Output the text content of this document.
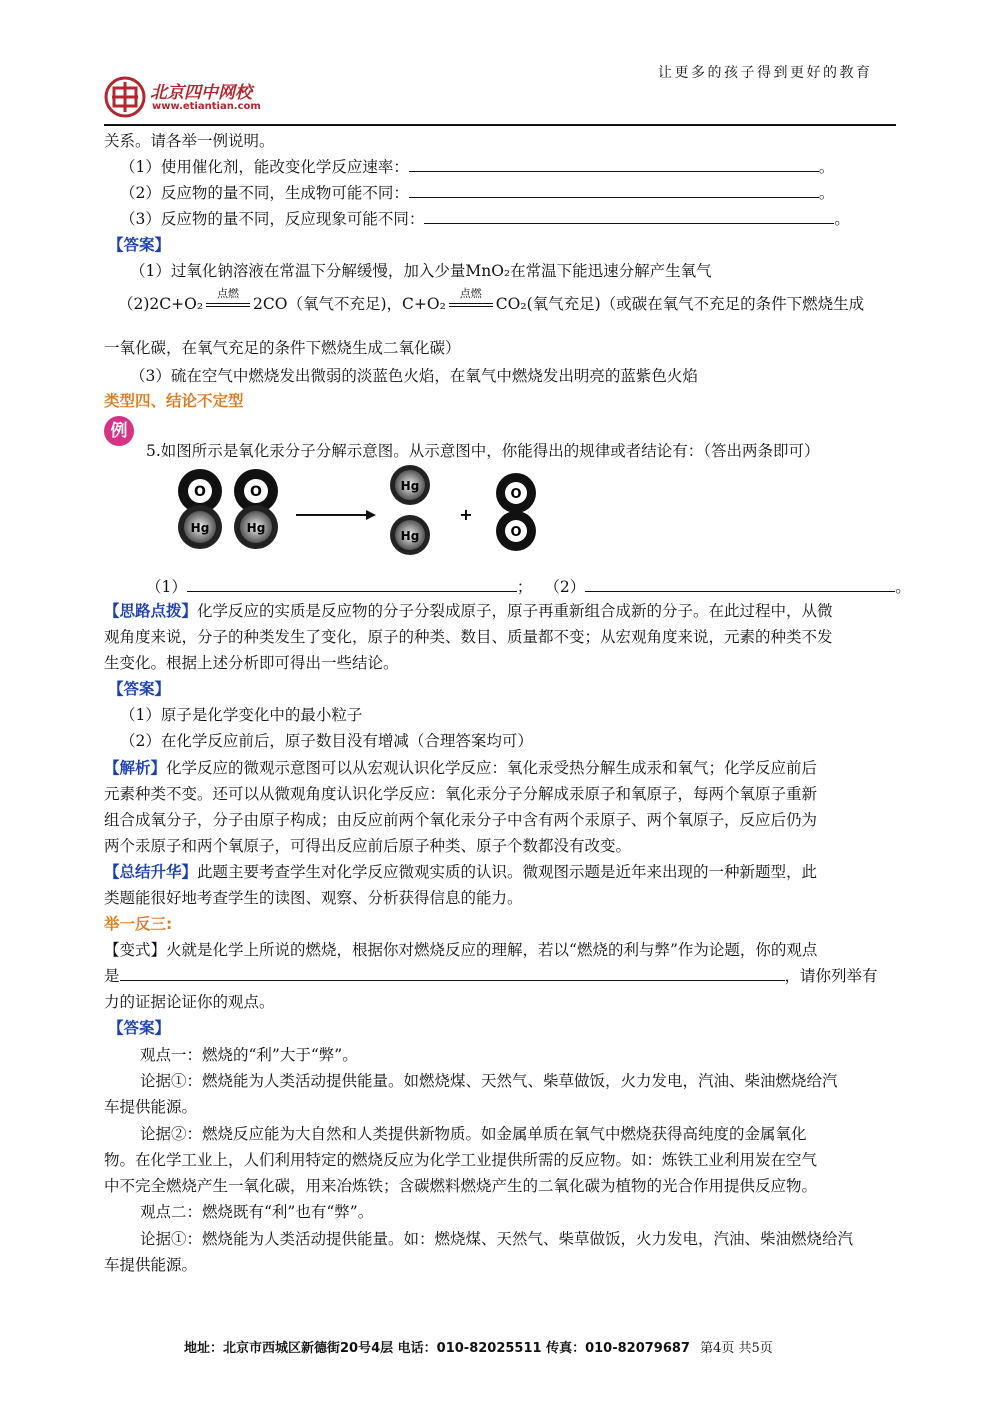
让更多的孩子得到更好的教育
北京四中网校
www.etiantian.com
关系。请各举一例说明。
（1）使用催化剂，能改变化学反应速率：	。
（2）反应物的量不同，生成物可能不同：	。
（3）反应物的量不同，反应现象可能不同：	。
【答案】
（1）过氧化钠溶液在常温下分解缓慢，加入少量MnO₂在常温下能迅速分解产生氧气
（2)2C+O₂
点燃
2CO（氧气不充足)，C+O₂
点燃
CO₂(氧气充足)（或碳在氧气不充足的条件下燃烧生成
一氧化碳，在氧气充足的条件下燃烧生成二氧化碳）
（3）硫在空气中燃烧发出微弱的淡蓝色火焰，在氧气中燃烧发出明亮的蓝紫色火焰
类型四、结论不定型
例
5.如图所示是氧化汞分子分解示意图。从示意图中，你能得出的规律或者结论有：（答出两条即可）
O
Hg
O
Hg
Hg
Hg
+
O
O
（1）	； （2）	。
【思路点拨】化学反应的实质是反应物的分子分裂成原子，原子再重新组合成新的分子。在此过程中，从微
观角度来说，分子的种类发生了变化，原子的种类、数目、质量都不变；从宏观角度来说，元素的种类不发
生变化。根据上述分析即可得出一些结论。
【答案】
（1）原子是化学变化中的最小粒子
（2）在化学反应前后，原子数目没有增减（合理答案均可）
【解析】化学反应的微观示意图可以从宏观认识化学反应：氧化汞受热分解生成汞和氧气；化学反应前后
元素种类不变。还可以从微观角度认识化学反应：氧化汞分子分解成汞原子和氧原子，每两个氧原子重新
组合成氧分子，分子由原子构成；由反应前两个氧化汞分子中含有两个汞原子、两个氧原子，反应后仍为
两个汞原子和两个氧原子，可得出反应前后原子种类、原子个数都没有改变。
【总结升华】此题主要考查学生对化学反应微观实质的认识。微观图示题是近年来出现的一种新题型，此
类题能很好地考查学生的读图、观察、分析获得信息的能力。
举一反三:
【变式】火就是化学上所说的燃烧，根据你对燃烧反应的理解，若以“燃烧的利与弊”作为论题，你的观点
是	，请你列举有
力的证据论证你的观点。
【答案】
观点一：燃烧的“利”大于“弊”。
论据①：燃烧能为人类活动提供能量。如燃烧煤、天然气、柴草做饭，火力发电，汽油、柴油燃烧给汽
车提供能源。
论据②：燃烧反应能为大自然和人类提供新物质。如金属单质在氧气中燃烧获得高纯度的金属氧化
物。在化学工业上，人们利用特定的燃烧反应为化学工业提供所需的反应物。如：炼铁工业利用炭在空气
中不完全燃烧产生一氧化碳，用来冶炼铁；含碳燃料燃烧产生的二氧化碳为植物的光合作用提供反应物。
观点二：燃烧既有“利”也有“弊”。
论据①：燃烧能为人类活动提供能量。如：燃烧煤、天然气、柴草做饭，火力发电，汽油、柴油燃烧给汽
车提供能源。
地址：北京市西城区新德街20号4层 电话：010-82025511 传真：010-82079687 第4页 共5页
